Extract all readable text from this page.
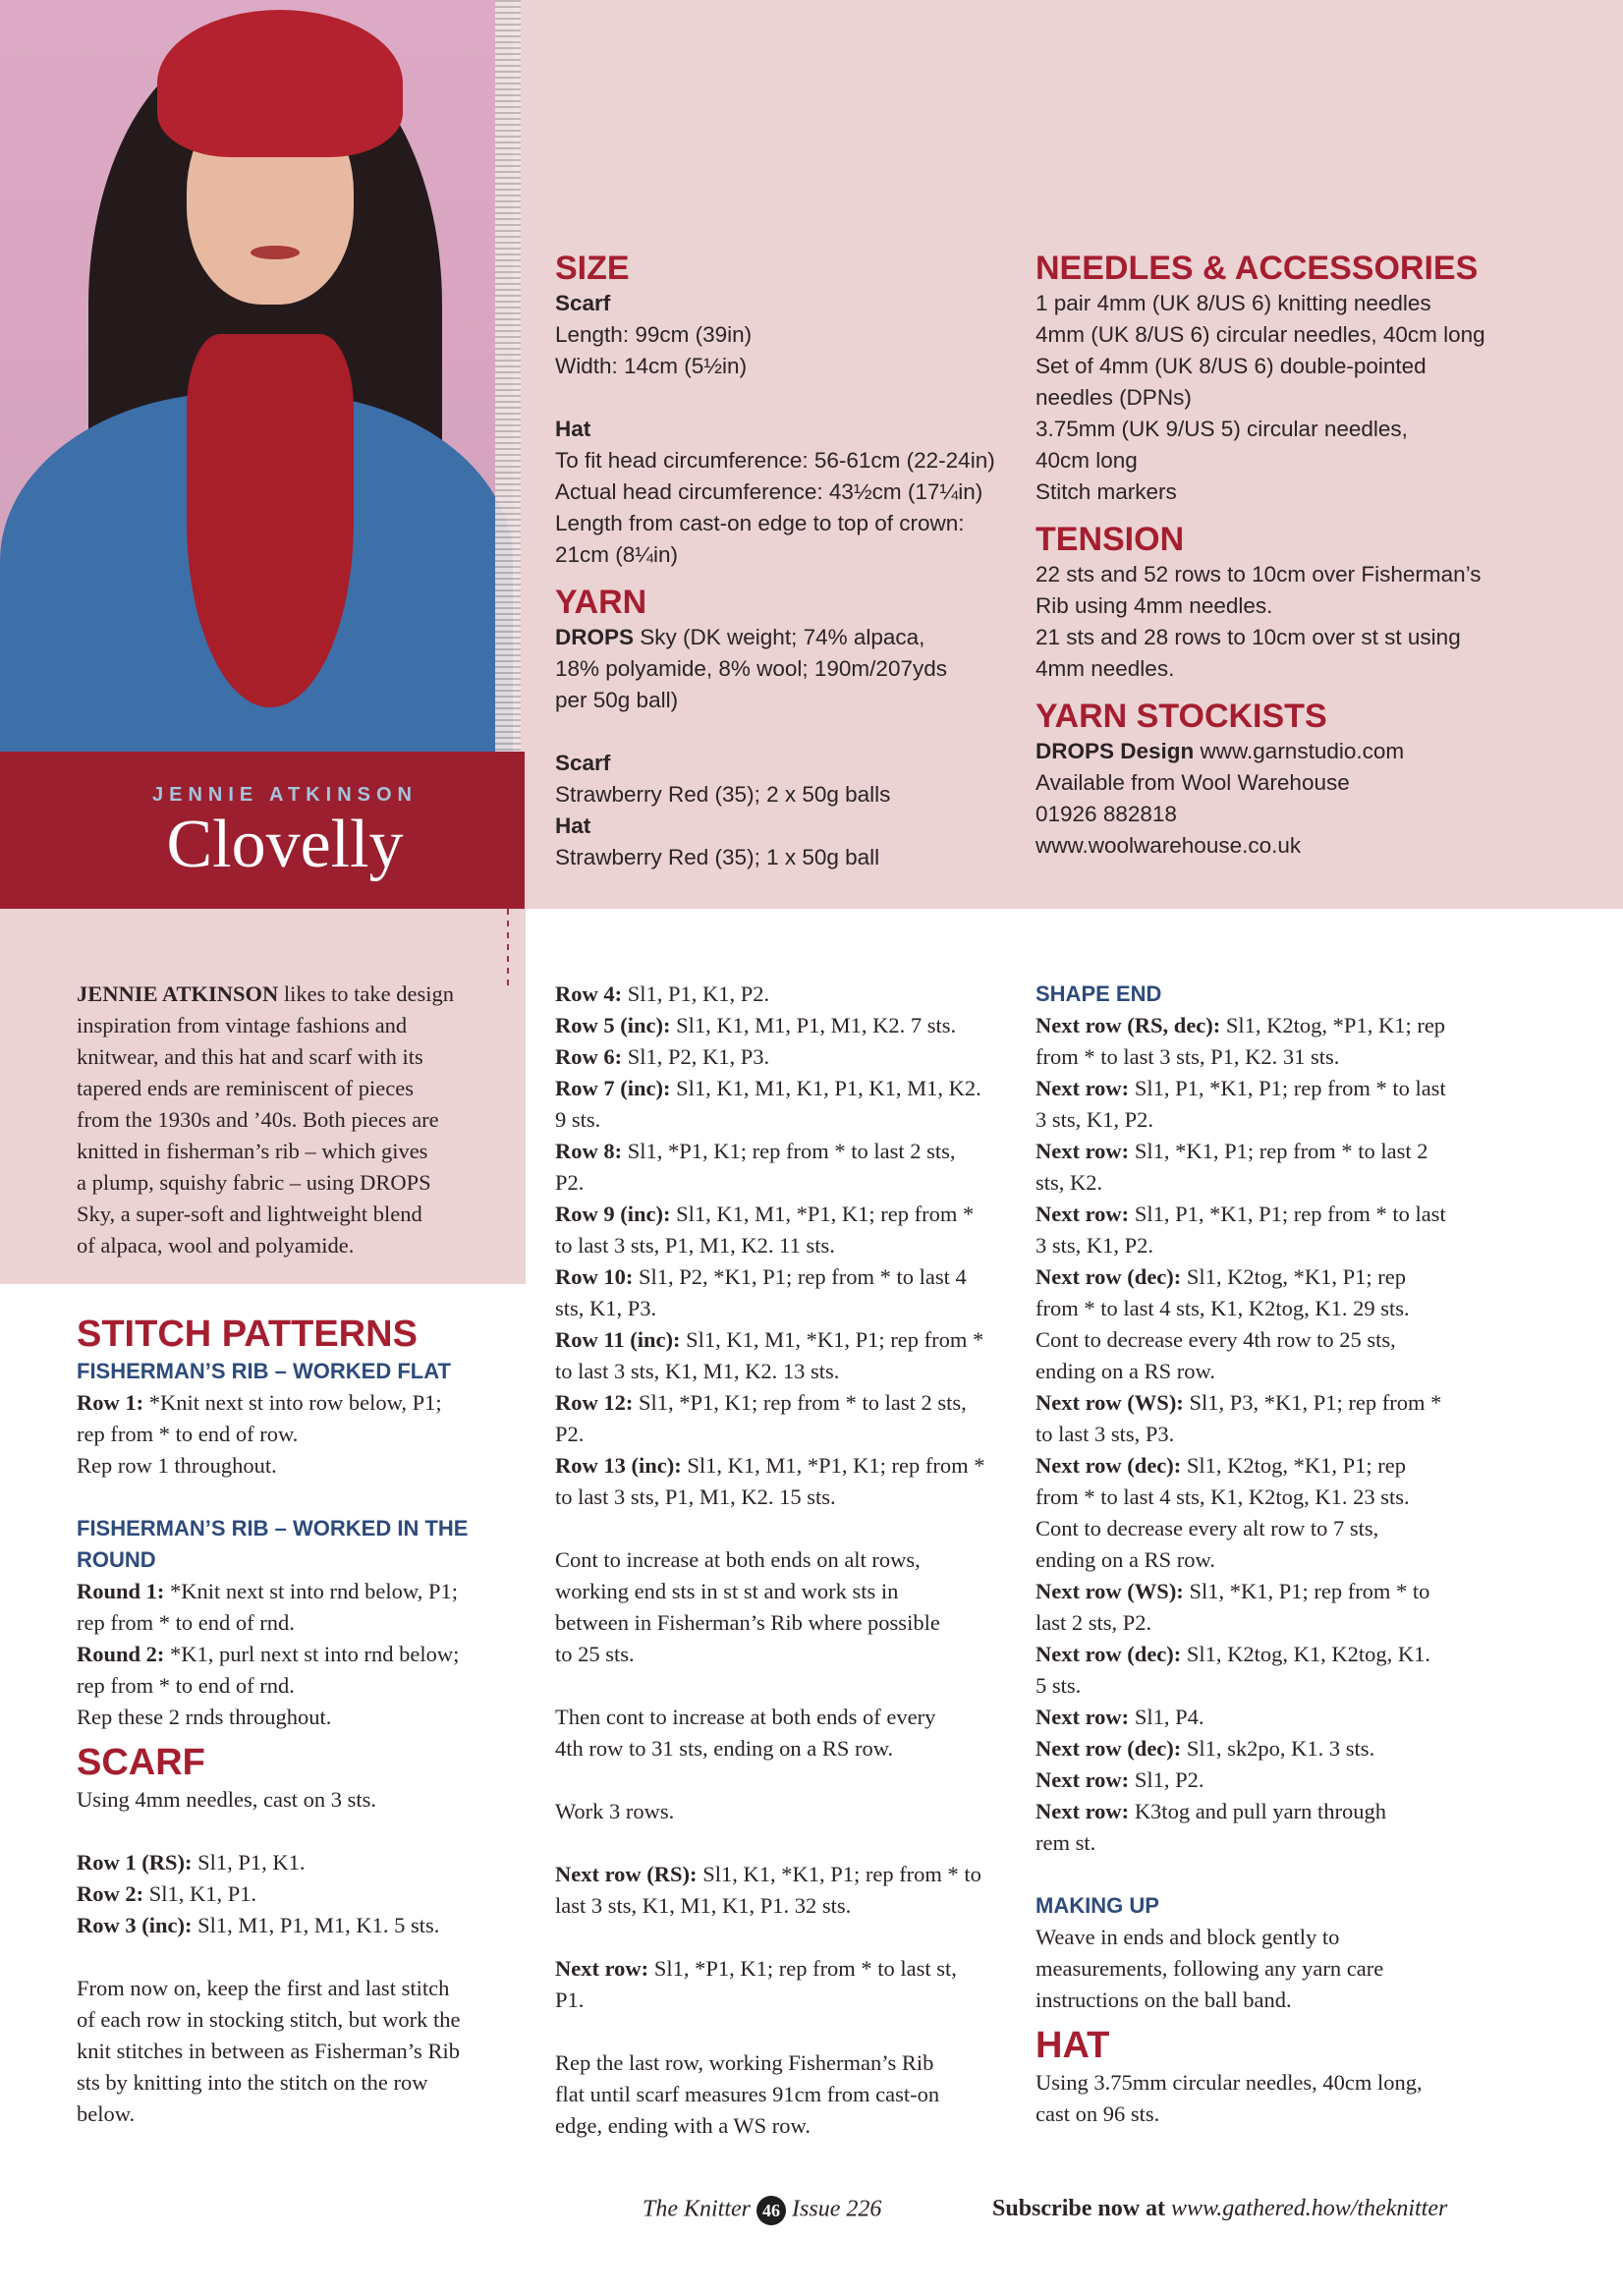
JENNIE ATKINSON
Clovelly

SIZE

Scarf

Length: 99cm (39in)

Width: 14cm (5½in)

Hat

To fit head circumference: 56-61cm (22-24in)

Actual head circumference: 43½cm (17¼in)

Length from cast-on edge to top of crown:

21cm (8¼in)

YARN

DROPS Sky (DK weight; 74% alpaca,

18% polyamide, 8% wool; 190m/207yds

per 50g ball)

Scarf

Strawberry Red (35); 2 x 50g balls

Hat

Strawberry Red (35); 1 x 50g ball

NEEDLES & ACCESSORIES

1 pair 4mm (UK 8/US 6) knitting needles

4mm (UK 8/US 6) circular needles, 40cm long

Set of 4mm (UK 8/US 6) double-pointed

needles (DPNs)

3.75mm (UK 9/US 5) circular needles,

40cm long

Stitch markers

TENSION

22 sts and 52 rows to 10cm over Fisherman’s

Rib using 4mm needles.

21 sts and 28 rows to 10cm over st st using

4mm needles.

YARN STOCKISTS

DROPS Design www.garnstudio.com

Available from Wool Warehouse

01926 882818

www.woolwarehouse.co.uk

JENNIE ATKINSON likes to take design

inspiration from vintage fashions and

knitwear, and this hat and scarf with its

tapered ends are reminiscent of pieces

from the 1930s and ’40s. Both pieces are

knitted in fisherman’s rib – which gives

a plump, squishy fabric – using DROPS

Sky, a super-soft and lightweight blend

of alpaca, wool and polyamide.

STITCH PATTERNS

FISHERMAN’S RIB – WORKED FLAT

Row 1: *Knit next st into row below, P1;

rep from * to end of row.

Rep row 1 throughout.

FISHERMAN’S RIB – WORKED IN THE

ROUND

Round 1: *Knit next st into rnd below, P1;

rep from * to end of rnd.

Round 2: *K1, purl next st into rnd below;

rep from * to end of rnd.

Rep these 2 rnds throughout.

SCARF

Using 4mm needles, cast on 3 sts.

Row 1 (RS): Sl1, P1, K1.

Row 2: Sl1, K1, P1.

Row 3 (inc): Sl1, M1, P1, M1, K1. 5 sts.

From now on, keep the first and last stitch

of each row in stocking stitch, but work the

knit stitches in between as Fisherman’s Rib

sts by knitting into the stitch on the row

below.

Row 4: Sl1, P1, K1, P2.

Row 5 (inc): Sl1, K1, M1, P1, M1, K2. 7 sts.

Row 6: Sl1, P2, K1, P3.

Row 7 (inc): Sl1, K1, M1, K1, P1, K1, M1, K2.

9 sts.

Row 8: Sl1, *P1, K1; rep from * to last 2 sts,

P2.

Row 9 (inc): Sl1, K1, M1, *P1, K1; rep from *

to last 3 sts, P1, M1, K2. 11 sts.

Row 10: Sl1, P2, *K1, P1; rep from * to last 4

sts, K1, P3.

Row 11 (inc): Sl1, K1, M1, *K1, P1; rep from *

to last 3 sts, K1, M1, K2. 13 sts.

Row 12: Sl1, *P1, K1; rep from * to last 2 sts,

P2.

Row 13 (inc): Sl1, K1, M1, *P1, K1; rep from *

to last 3 sts, P1, M1, K2. 15 sts.

Cont to increase at both ends on alt rows,

working end sts in st st and work sts in

between in Fisherman’s Rib where possible

to 25 sts.

Then cont to increase at both ends of every

4th row to 31 sts, ending on a RS row.

Work 3 rows.

Next row (RS): Sl1, K1, *K1, P1; rep from * to

last 3 sts, K1, M1, K1, P1. 32 sts.

Next row: Sl1, *P1, K1; rep from * to last st,

P1.

Rep the last row, working Fisherman’s Rib

flat until scarf measures 91cm from cast-on

edge, ending with a WS row.

SHAPE END

Next row (RS, dec): Sl1, K2tog, *P1, K1; rep

from * to last 3 sts, P1, K2. 31 sts.

Next row: Sl1, P1, *K1, P1; rep from * to last

3 sts, K1, P2.

Next row: Sl1, *K1, P1; rep from * to last 2

sts, K2.

Next row: Sl1, P1, *K1, P1; rep from * to last

3 sts, K1, P2.

Next row (dec): Sl1, K2tog, *K1, P1; rep

from * to last 4 sts, K1, K2tog, K1. 29 sts.

Cont to decrease every 4th row to 25 sts,

ending on a RS row.

Next row (WS): Sl1, P3, *K1, P1; rep from *

to last 3 sts, P3.

Next row (dec): Sl1, K2tog, *K1, P1; rep

from * to last 4 sts, K1, K2tog, K1. 23 sts.

Cont to decrease every alt row to 7 sts,

ending on a RS row.

Next row (WS): Sl1, *K1, P1; rep from * to

last 2 sts, P2.

Next row (dec): Sl1, K2tog, K1, K2tog, K1.

5 sts.

Next row: Sl1, P4.

Next row (dec): Sl1, sk2po, K1. 3 sts.

Next row: Sl1, P2.

Next row: K3tog and pull yarn through

rem st.

MAKING UP

Weave in ends and block gently to

measurements, following any yarn care

instructions on the ball band.

HAT

Using 3.75mm circular needles, 40cm long,

cast on 96 sts.

The Knitter 46 Issue 226	Subscribe now at www.gathered.how/theknitter
